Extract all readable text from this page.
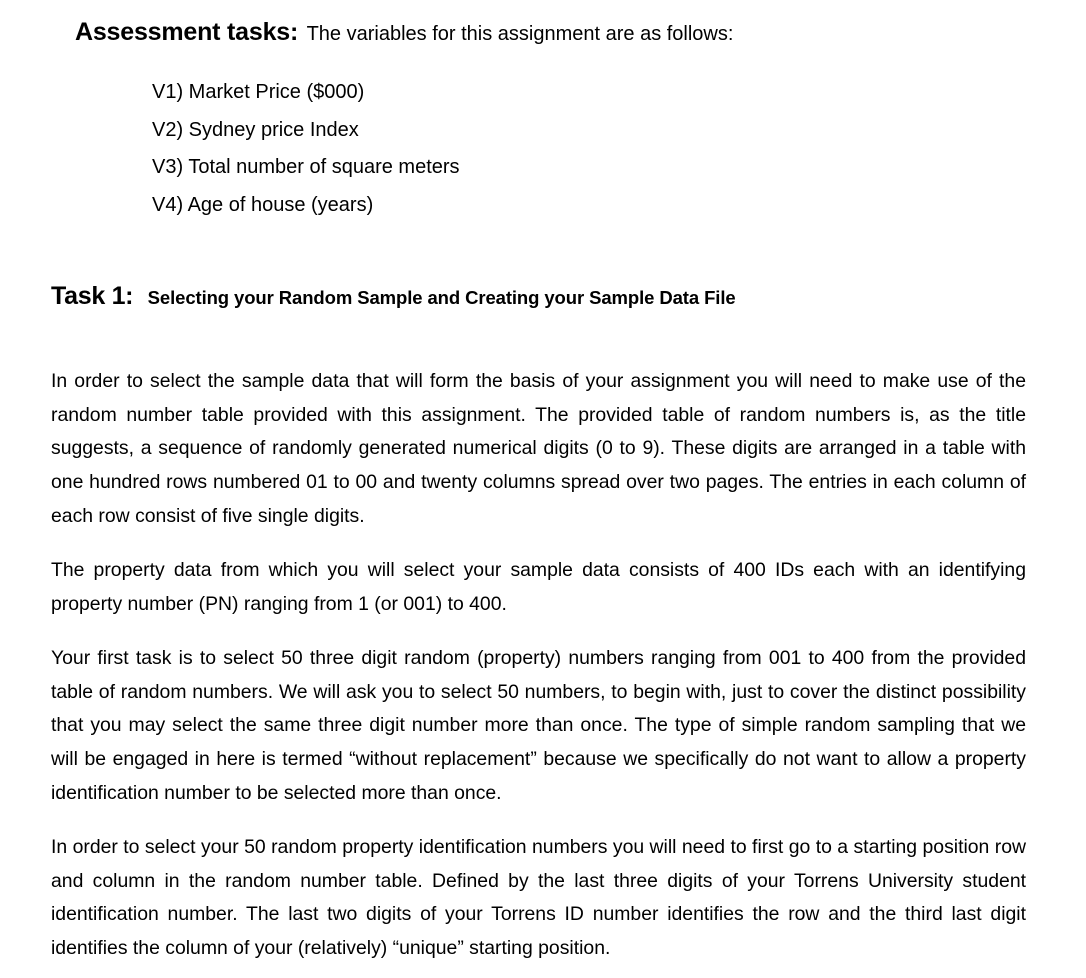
Assessment tasks: The variables for this assignment are as follows:
V1) Market Price ($000)
V2) Sydney price Index
V3) Total number of square meters
V4) Age of house (years)
Task 1: Selecting your Random Sample and Creating your Sample Data File

In order to select the sample data that will form the basis of your assignment you will need to make use of the random number table provided with this assignment. The provided table of random numbers is, as the title suggests, a sequence of randomly generated numerical digits (0 to 9). These digits are arranged in a table with one hundred rows numbered 01 to 00 and twenty columns spread over two pages. The entries in each column of each row consist of five single digits.

The property data from which you will select your sample data consists of 400 IDs each with an identifying property number (PN) ranging from 1 (or 001) to 400.

Your first task is to select 50 three digit random (property) numbers ranging from 001 to 400 from the provided table of random numbers. We will ask you to select 50 numbers, to begin with, just to cover the distinct possibility that you may select the same three digit number more than once. The type of simple random sampling that we will be engaged in here is termed “without replacement” because we specifically do not want to allow a property identification number to be selected more than once.

In order to select your 50 random property identification numbers you will need to first go to a starting position row and column in the random number table. Defined by the last three digits of your Torrens University student identification number. The last two digits of your Torrens ID number identifies the row and the third last digit identifies the column of your (relatively) “unique” starting position.
